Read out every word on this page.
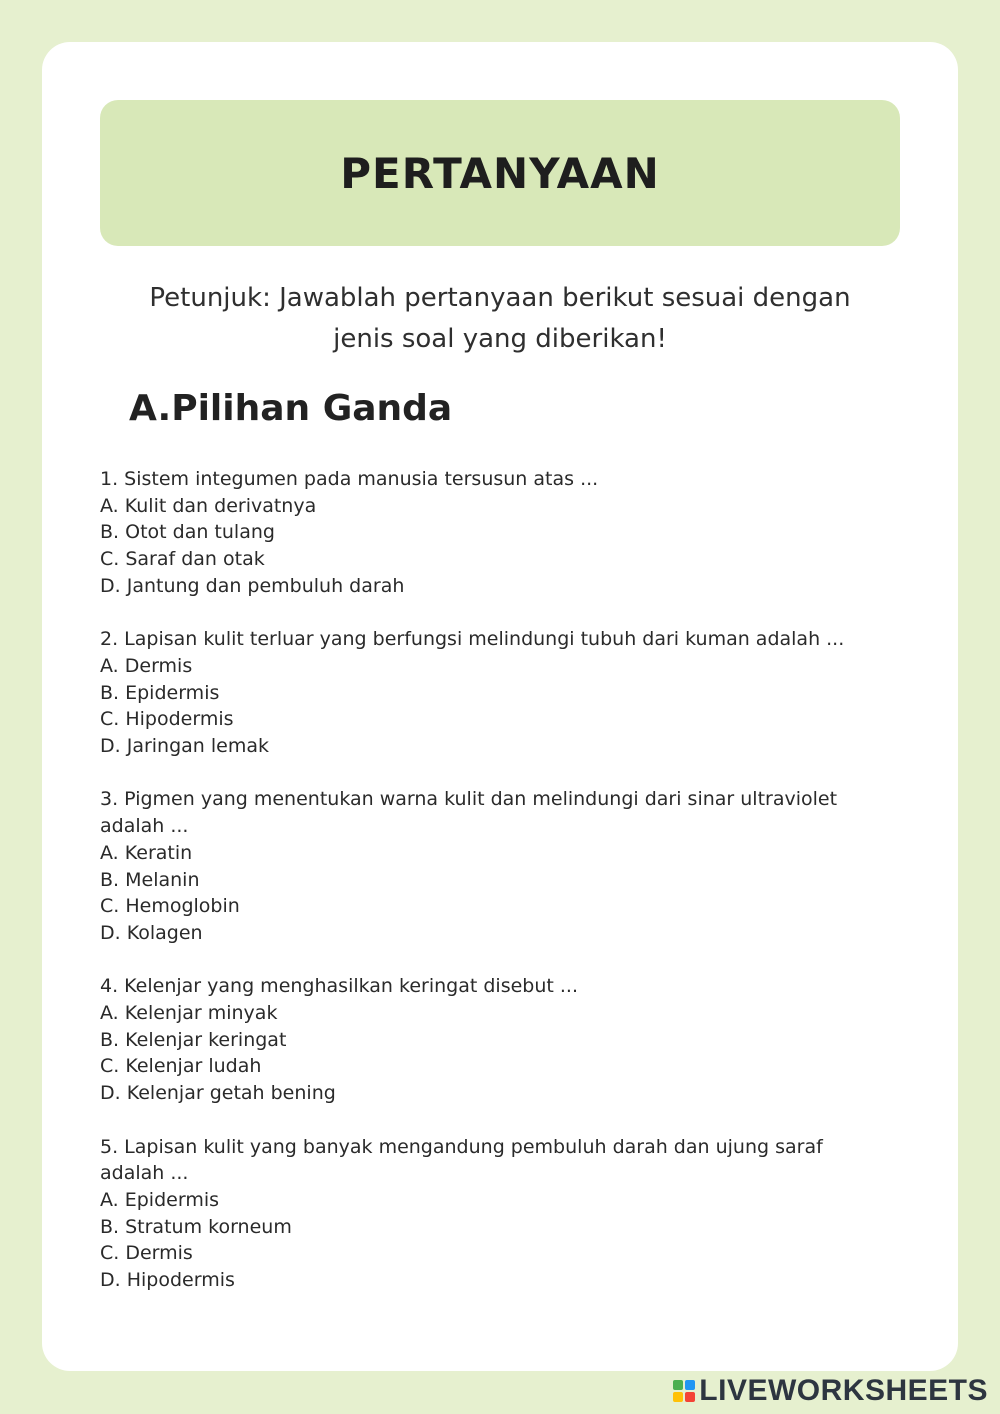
PERTANYAAN
Petunjuk: Jawablah pertanyaan berikut sesuai dengan
jenis soal yang diberikan!
A.Pilihan Ganda
1. Sistem integumen pada manusia tersusun atas ...
A. Kulit dan derivatnya
B. Otot dan tulang
C. Saraf dan otak
D. Jantung dan pembuluh darah
2. Lapisan kulit terluar yang berfungsi melindungi tubuh dari kuman adalah ...
A. Dermis
B. Epidermis
C. Hipodermis
D. Jaringan lemak
3. Pigmen yang menentukan warna kulit dan melindungi dari sinar ultraviolet
adalah ...
A. Keratin
B. Melanin
C. Hemoglobin
D. Kolagen
4. Kelenjar yang menghasilkan keringat disebut ...
A. Kelenjar minyak
B. Kelenjar keringat
C. Kelenjar ludah
D. Kelenjar getah bening
5. Lapisan kulit yang banyak mengandung pembuluh darah dan ujung saraf
adalah ...
A. Epidermis
B. Stratum korneum
C. Dermis
D. Hipodermis
LIVEWORKSHEETS
